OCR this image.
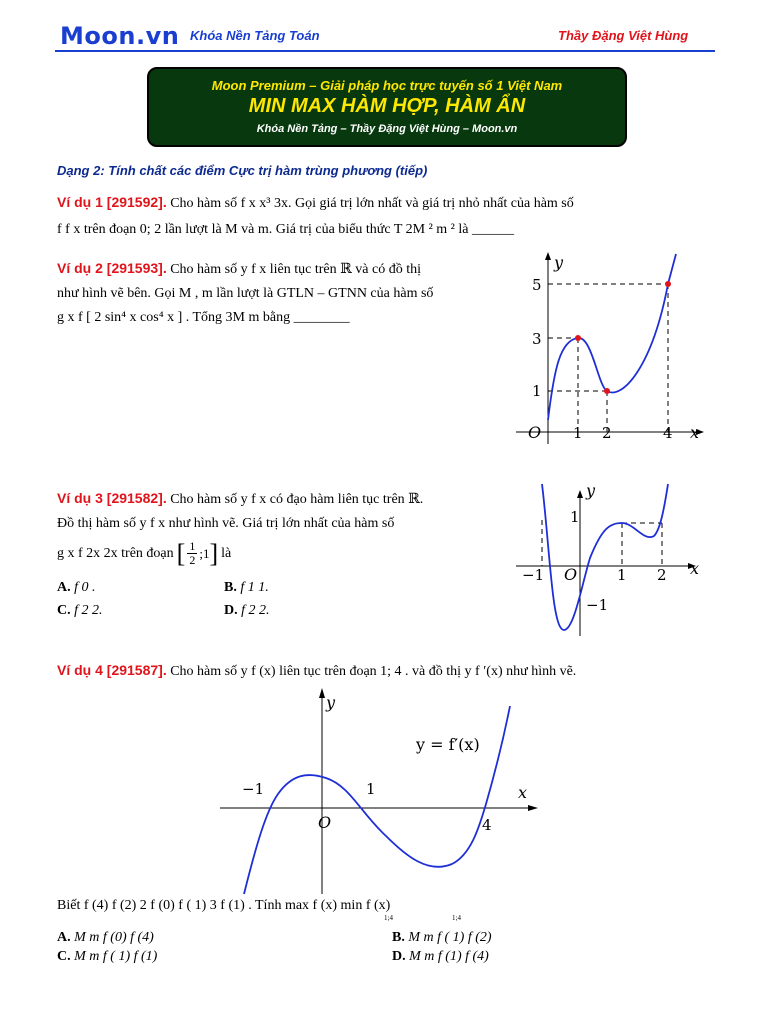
Moon.vn Khóa Nền Tảng Toán	Thầy Đặng Việt Hùng
Moon Premium – Giải pháp học trực tuyến số 1 Việt Nam
MIN MAX HÀM HỢP, HÀM ẨN
Khóa Nền Tảng – Thầy Đặng Việt Hùng – Moon.vn
Dạng 2: Tính chất các điểm Cực trị hàm trùng phương (tiếp)
Ví dụ 1 [291592]. Cho hàm số f x x³ 3x. Gọi giá trị lớn nhất và giá trị nhỏ nhất của hàm số
f f x trên đoạn 0; 2 lần lượt là M và m. Giá trị của biểu thức T 2M ² m ² là ______
Ví dụ 2 [291593]. Cho hàm số y f x liên tục trên ℝ và có đồ thị
như hình vẽ bên. Gọi M , m lần lượt là GTLN – GTNN của hàm số
g x f [ 2 sin⁴ x cos⁴ x ] . Tổng 3M m bằng ________
y
x
O 1 2	4
1
3
5
Ví dụ 3 [291582]. Cho hàm số y f x có đạo hàm liên tục trên ℝ.
Đồ thị hàm số y f x như hình vẽ. Giá trị lớn nhất của hàm số
g x f 2x 2x trên đoạn [ $\frac{1}{2}$ ;1 ] là
A. f 0 .	B. f 1 1.
C. f 2 2.	D. f 2 2.
y
x
O
−1	1 2
1
−1
Ví dụ 4 [291587]. Cho hàm số y f (x) liên tục trên đoạn 1; 4 . và đồ thị y f ′(x) như hình vẽ.
y
x
O
y = f′(x)
−1	1
4
Biết f (4) f (2) 2 f (0) f ( 1) 3 f (1) . Tính max f (x) min f (x)
1;4	1;4
A. M m f (0) f (4)	B. M m f ( 1) f (2)
C. M m f ( 1) f (1)	D. M m f (1) f (4)
